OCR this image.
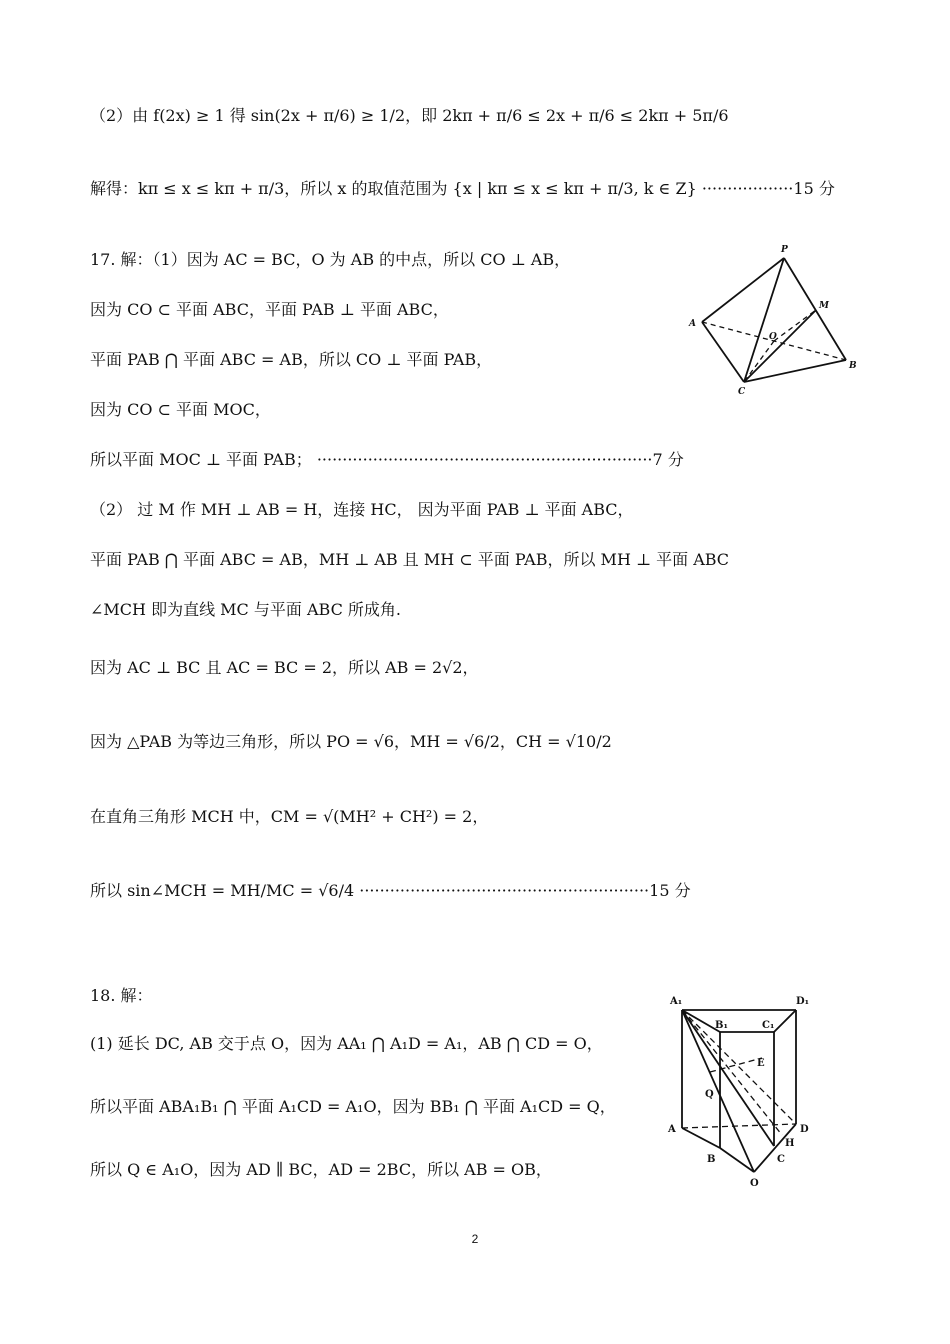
（2）由 f(2x) ≥ 1 得 sin(2x + π/6) ≥ 1/2，即 2kπ + π/6 ≤ 2x + π/6 ≤ 2kπ + 5π/6
解得：kπ ≤ x ≤ kπ + π/3，所以 x 的取值范围为 {x | kπ ≤ x ≤ kπ + π/3, k ∈ Z} ··················15 分
17. 解：（1）因为 AC = BC，O 为 AB 的中点，所以 CO ⊥ AB，
因为 CO ⊂ 平面 ABC，平面 PAB ⊥ 平面 ABC，
平面 PAB ⋂ 平面 ABC = AB，所以 CO ⊥ 平面 PAB，
因为 CO ⊂ 平面 MOC，
所以平面 MOC ⊥ 平面 PAB； ··································································7 分
（2） 过 M 作 MH ⊥ AB = H，连接 HC， 因为平面 PAB ⊥ 平面 ABC，
平面 PAB ⋂ 平面 ABC = AB，MH ⊥ AB 且 MH ⊂ 平面 PAB，所以 MH ⊥ 平面 ABC
∠MCH 即为直线 MC 与平面 ABC 所成角.
因为 AC ⊥ BC 且 AC = BC = 2，所以 AB = 2√2，
因为 △PAB 为等边三角形，所以 PO = √6，MH = √6/2，CH = √10/2
在直角三角形 MCH 中，CM = √(MH² + CH²) = 2，
所以 sin∠MCH = MH/MC = √6/4 ·························································15 分
18. 解：
(1) 延长 DC, AB 交于点 O，因为 AA₁ ⋂ A₁D = A₁，AB ⋂ CD = O，
所以平面 ABA₁B₁ ⋂ 平面 A₁CD = A₁O，因为 BB₁ ⋂ 平面 A₁CD = Q，
所以 Q ∈ A₁O，因为 AD ∥ BC，AD = 2BC，所以 AB = OB，
P
M
A
O
B
C
A₁	D₁
B₁	C₁
E
Q
A	D
H
B	C
O
2
